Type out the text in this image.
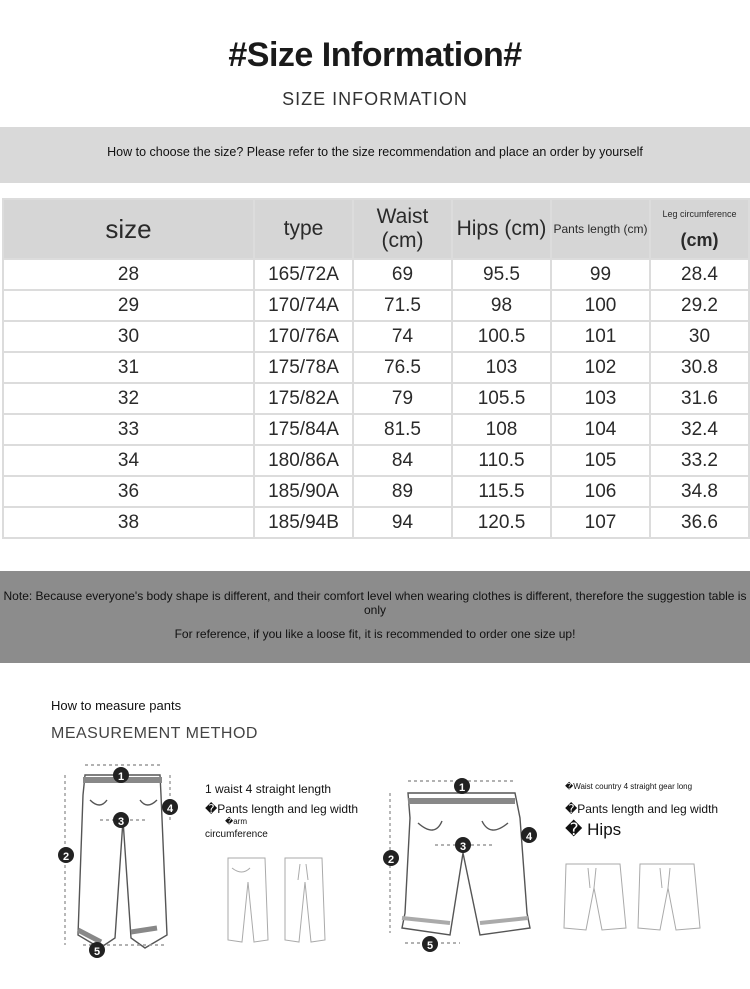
#Size Information#
SIZE INFORMATION
How to choose the size? Please refer to the size recommendation and place an order by yourself
size	type	Waist (cm)	Hips (cm)	Pants length (cm)	Leg circumference
(cm)

28	165/72A	69	95.5	99	28.4
29	170/74A	71.5	98	100	29.2
30	170/76A	74	100.5	101	30
31	175/78A	76.5	103	102	30.8
32	175/82A	79	105.5	103	31.6
33	175/84A	81.5	108	104	32.4
34	180/86A	84	110.5	105	33.2
36	185/90A	89	115.5	106	34.8
38	185/94B	94	120.5	107	36.6
Note: Because everyone's body shape is different, and their comfort level when wearing clothes is different, therefore the suggestion table is only
For reference, if you like a loose fit, it is recommended to order one size up!
How to measure pants
MEASUREMENT METHOD
1
2
3
4
5
1 waist 4 straight length
�Pants length and leg width
�arm
circumference
1
2
3
4
5
�Waist country 4 straight gear long
�Pants length and leg width
� Hips
